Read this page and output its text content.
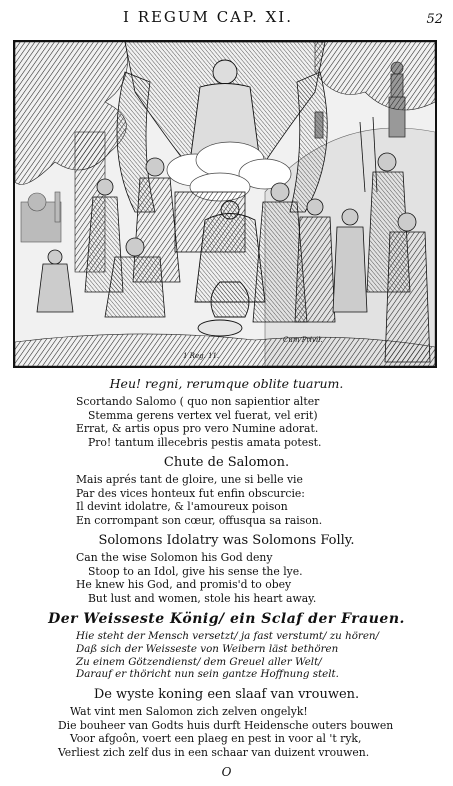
I REGUM CAP. XI.	52
1 Reg. 11.
Cum Privil.
Heu! regni, rerumque oblite tuarum.
Scortando Salomo ( quo non sapientior alter
Stemma gerens vertex vel fuerat, vel erit)
Errat, & artis opus pro vero Numine adorat.
Pro! tantum illecebris pestis amata potest.
Chute de Salomon.
Mais aprés tant de gloire, une si belle vie
Par des vices honteux fut enfin obscurcie:
Il devint idolatre, & l'amoureux poison
En corrompant son cœur, offusqua sa raison.
Solomons Idolatry was Solomons Folly.
Can the wise Solomon his God deny
Stoop to an Idol, give his sense the lye.
He knew his God, and promis'd to obey
But lust and women, stole his heart away.
Der Weisseste König/ ein Sclaf der Frauen.
Hie steht der Mensch versetzt/ ja fast verstumt/ zu hören/
Daß sich der Weisseste von Weibern läst bethören
Zu einem Götzendienst/ dem Greuel aller Welt/
Darauf er thöricht nun sein gantze Hoffnung stelt.
De wyste koning een slaaf van vrouwen.
Wat vint men Salomon zich zelven ongelyk!
Die bouheer van Godts huis durft Heidensche outers bouwen
Voor afgoôn, voert een plaeg en pest in voor al 't ryk,
Verliest zich zelf dus in een schaar van duizent vrouwen.
O
